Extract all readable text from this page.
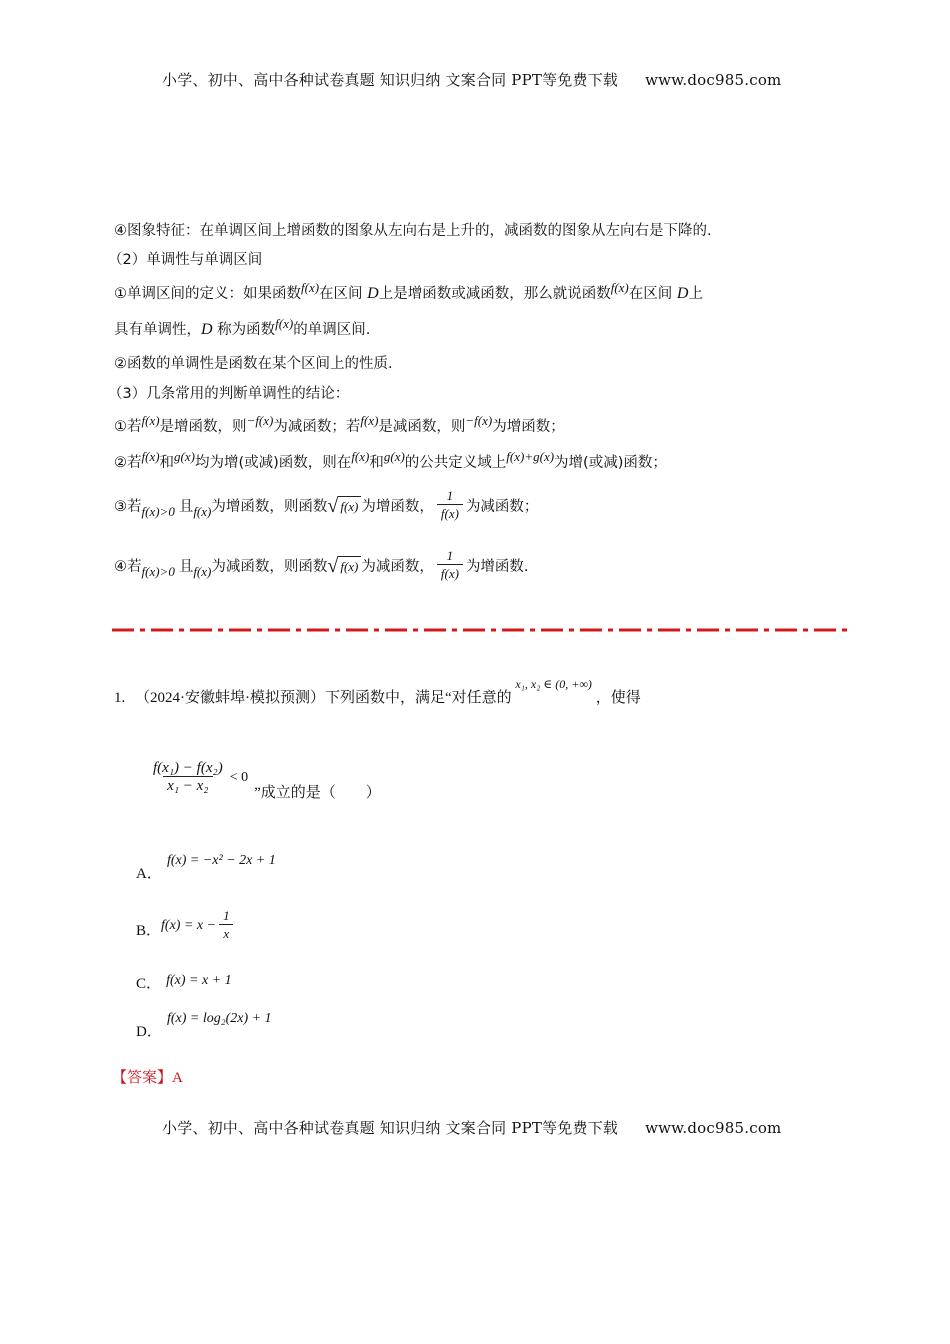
小学、初中、高中各种试卷真题 知识归纳 文案合同 PPT等免费下载 www.doc985.com
④图象特征：在单调区间上增函数的图象从左向右是上升的，减函数的图象从左向右是下降的.
（2）单调性与单调区间
①单调区间的定义：如果函数f(x)在区间 D上是增函数或减函数，那么就说函数f(x)在区间 D上
具有单调性，D 称为函数f(x)的单调区间.
②函数的单调性是函数在某个区间上的性质.
（3）几条常用的判断单调性的结论：
①若f(x)是增函数，则−f(x)为减函数；若f(x)是减函数，则−f(x)为增函数；
②若f(x)和g(x)均为增(或减)函数，则在f(x)和g(x)的公共定义域上f(x)+g(x)为增(或减)函数；
③若 f(x)>0 且 f(x) 为增函数，则函数 √ f(x) 为增函数， $\frac{1}{f(x)}$ 为减函数；
④若 f(x)>0 且 f(x) 为减函数，则函数 √ f(x) 为减函数， $\frac{1}{f(x)}$ 为增函数.
1. （2024·安徽蚌埠·模拟预测）下列函数中，满足“对任意的 $^{x_1, x_2 \in (0, +\infty)}$ ，使得
$\frac{\text{f(x₁) − f(x₂)}}{\text{x₁ − x₂}} < 0$
”成立的是（　　）
A． f(x) = −x² − 2x + 1
B． $f(x) = x - \frac{1}{x}$
C． f(x) = x + 1
D． f(x) = log₂(2x) + 1
【答案】A
小学、初中、高中各种试卷真题 知识归纳 文案合同 PPT等免费下载 www.doc985.com
